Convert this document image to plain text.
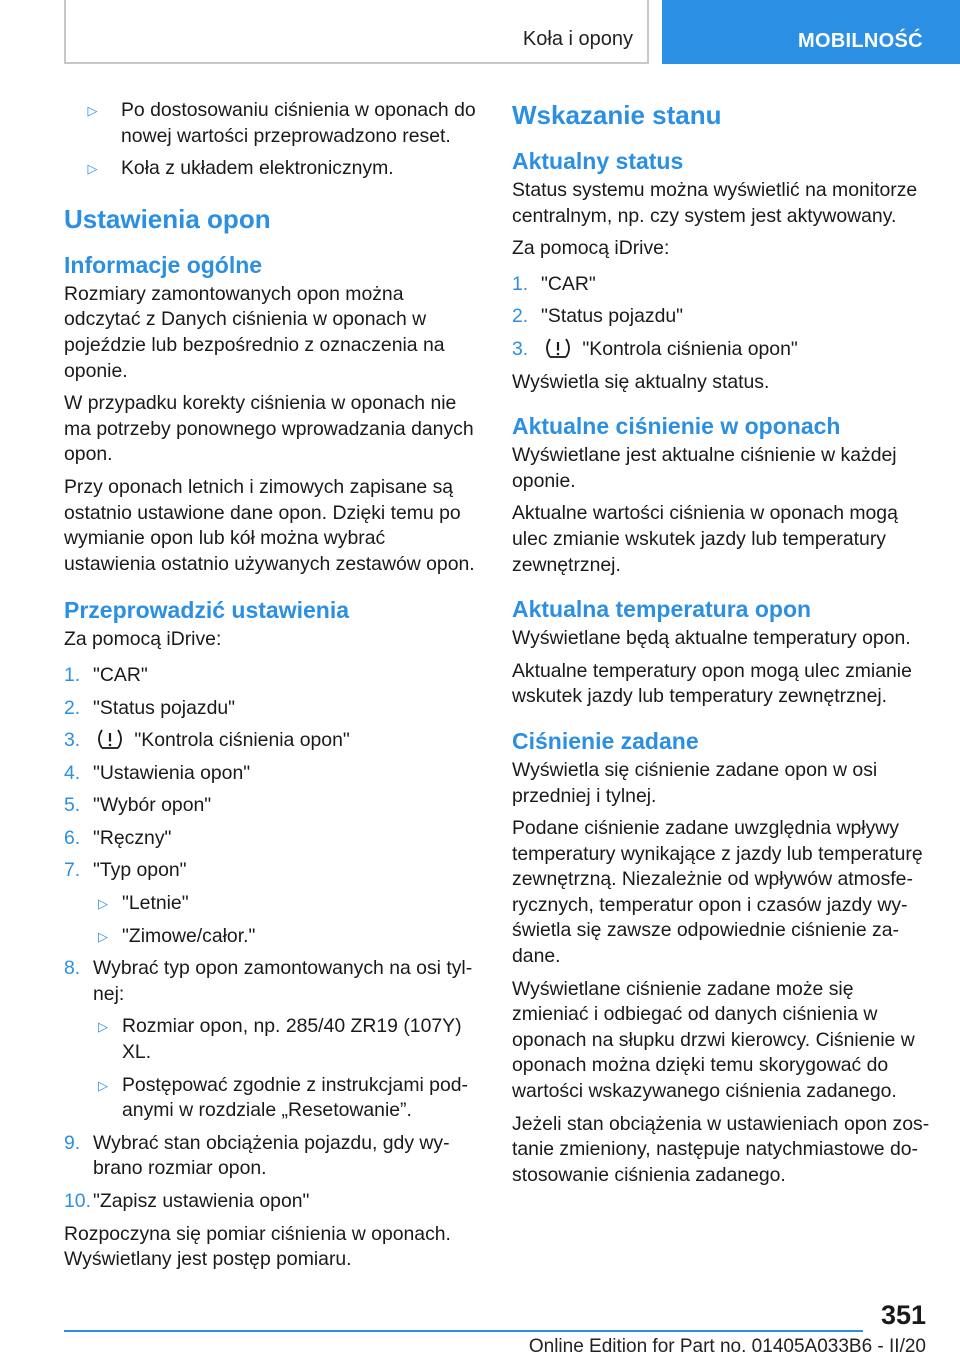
Koła i opony	MOBILNOŚĆ
▷	Po dostosowaniu ciśnienia w oponach do nowej wartości przeprowadzono reset.
▷	Koła z układem elektronicznym.
Ustawienia opon
Informacje ogólne

Rozmiary zamontowanych opon można odczytać z Danych ciśnienia w oponach w pojeździe lub bezpośrednio z oznaczenia na oponie.

W przypadku korekty ciśnienia w oponach nie ma potrzeby ponownego wprowadzania danych opon.

Przy oponach letnich i zimowych zapisane są ostatnio ustawione dane opon. Dzięki temu po wymianie opon lub kół można wybrać ustawienia ostatnio używanych zestawów opon.

Przeprowadzić ustawienia

Za pomocą iDrive:

1. "CAR"
2. "Status pojazdu"
3.	"Kontrola ciśnienia opon"
4. "Ustawienia opon"
5. "Wybór opon"
6. "Ręczny"
7. "Typ opon"
▷ "Letnie"
▷ "Zimowe/całor."
8. Wybrać typ opon zamontowanych na osi tylnej:
▷ Rozmiar opon, np. 285/40 ZR19 (107Y) XL.
▷ Postępować zgodnie z instrukcjami podanymi w rozdziale „Resetowanie”.
9. Wybrać stan obciążenia pojazdu, gdy wybrano rozmiar opon.
10. "Zapisz ustawienia opon"

Rozpoczyna się pomiar ciśnienia w oponach. Wyświetlany jest postęp pomiaru.

Wskazanie stanu
Aktualny status

Status systemu można wyświetlić na monitorze centralnym, np. czy system jest aktywowany.

Za pomocą iDrive:

1. "CAR"
2. "Status pojazdu"
3.	"Kontrola ciśnienia opon"

Wyświetla się aktualny status.

Aktualne ciśnienie w oponach

Wyświetlane jest aktualne ciśnienie w każdej oponie.

Aktualne wartości ciśnienia w oponach mogą ulec zmianie wskutek jazdy lub temperatury zewnętrznej.

Aktualna temperatura opon

Wyświetlane będą aktualne temperatury opon.

Aktualne temperatury opon mogą ulec zmianie wskutek jazdy lub temperatury zewnętrznej.

Ciśnienie zadane

Wyświetla się ciśnienie zadane opon w osi przedniej i tylnej.

Podane ciśnienie zadane uwzględnia wpływy temperatury wynikające z jazdy lub temperaturę zewnętrzną. Niezależnie od wpływów atmosferycznych, temperatur opon i czasów jazdy wyświetla się zawsze odpowiednie ciśnienie zadane.

Wyświetlane ciśnienie zadane może się zmieniać i odbiegać od danych ciśnienia w oponach na słupku drzwi kierowcy. Ciśnienie w oponach można dzięki temu skorygować do wartości wskazywanego ciśnienia zadanego.

Jeżeli stan obciążenia w ustawieniach opon zostanie zmieniony, następuje natychmiastowe dostosowanie ciśnienia zadanego.

351
Online Edition for Part no. 01405A033B6 - II/20
